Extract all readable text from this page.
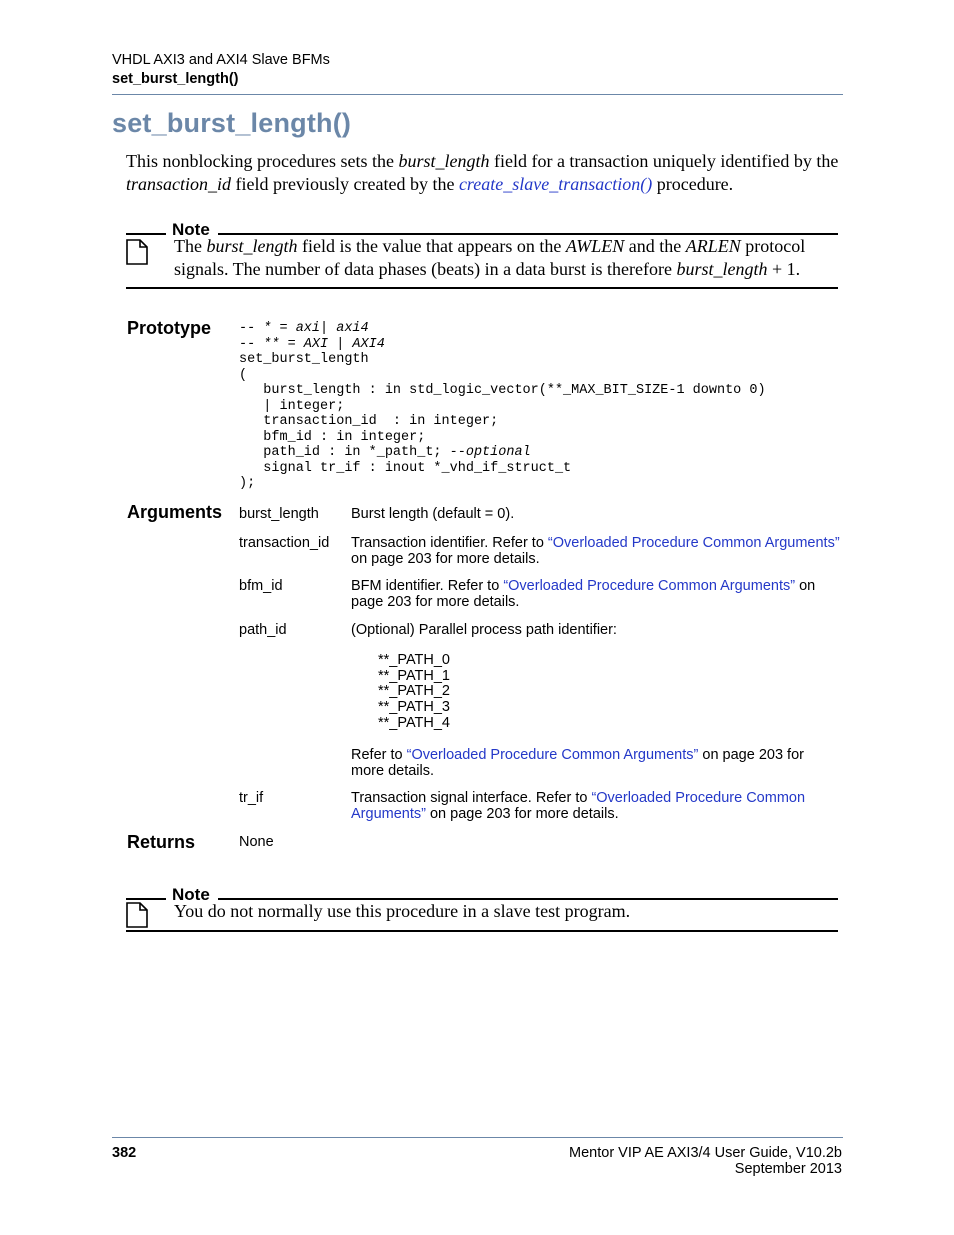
VHDL AXI3 and AXI4 Slave BFMs
set_burst_length()
set_burst_length()
This nonblocking procedures sets the burst_length field for a transaction uniquely identified by the transaction_id field previously created by the create_slave_transaction() procedure.
Note
The burst_length field is the value that appears on the AWLEN and the ARLEN protocol signals. The number of data phases (beats) in a data burst is therefore burst_length + 1.
Prototype -- * = axi| axi4
-- ** = AXI | AXI4
set_burst_length
(
burst_length : in std_logic_vector(**_MAX_BIT_SIZE-1 downto 0)
| integer;
transaction_id  : in integer;
bfm_id : in integer;
path_id : in *_path_t; --optional
signal tr_if : inout *_vhd_if_struct_t
);
Arguments burst_length Burst length (default = 0).
transaction_id Transaction identifier. Refer to “Overloaded Procedure Common Arguments” on page 203 for more details.
bfm_id	BFM identifier. Refer to “Overloaded Procedure Common Arguments” on page 203 for more details.
path_id	(Optional) Parallel process path identifier:
**_PATH_0
**_PATH_1
**_PATH_2
**_PATH_3
**_PATH_4
Refer to “Overloaded Procedure Common Arguments” on page 203 for more details.
tr_if	Transaction signal interface. Refer to “Overloaded Procedure Common Arguments” on page 203 for more details.
Returns	None
Note
You do not normally use this procedure in a slave test program.
382	Mentor VIP AE AXI3/4 User Guide, V10.2b
September 2013
